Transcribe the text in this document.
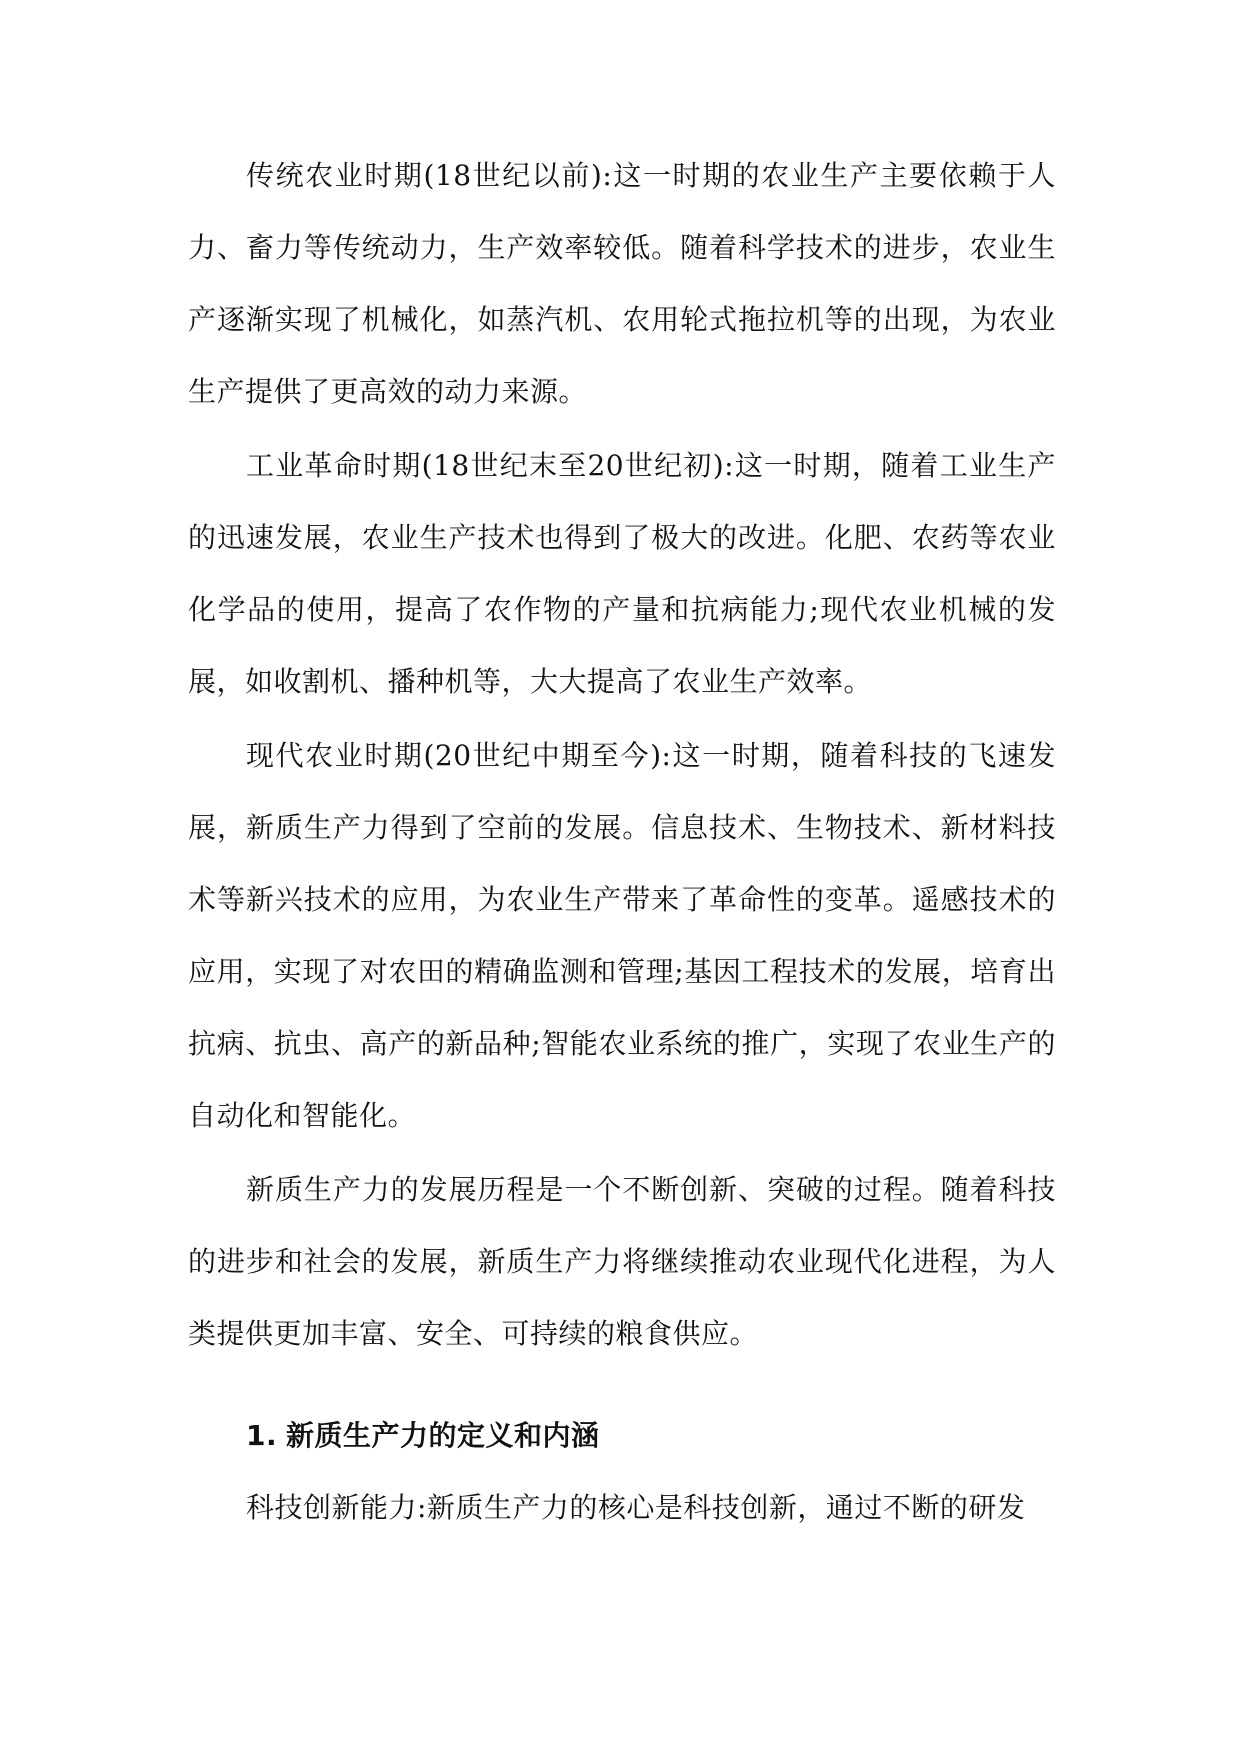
传统农业时期(18世纪以前):这一时期的农业生产主要依赖于人力、畜力等传统动力，生产效率较低。随着科学技术的进步，农业生产逐渐实现了机械化，如蒸汽机、农用轮式拖拉机等的出现，为农业生产提供了更高效的动力来源。

工业革命时期(18世纪末至20世纪初):这一时期，随着工业生产的迅速发展，农业生产技术也得到了极大的改进。化肥、农药等农业化学品的使用，提高了农作物的产量和抗病能力;现代农业机械的发展，如收割机、播种机等，大大提高了农业生产效率。

现代农业时期(20世纪中期至今):这一时期，随着科技的飞速发展，新质生产力得到了空前的发展。信息技术、生物技术、新材料技术等新兴技术的应用，为农业生产带来了革命性的变革。遥感技术的应用，实现了对农田的精确监测和管理;基因工程技术的发展，培育出抗病、抗虫、高产的新品种;智能农业系统的推广，实现了农业生产的自动化和智能化。

新质生产力的发展历程是一个不断创新、突破的过程。随着科技的进步和社会的发展，新质生产力将继续推动农业现代化进程，为人类提供更加丰富、安全、可持续的粮食供应。

1. 新质生产力的定义和内涵

科技创新能力:新质生产力的核心是科技创新，通过不断的研发
